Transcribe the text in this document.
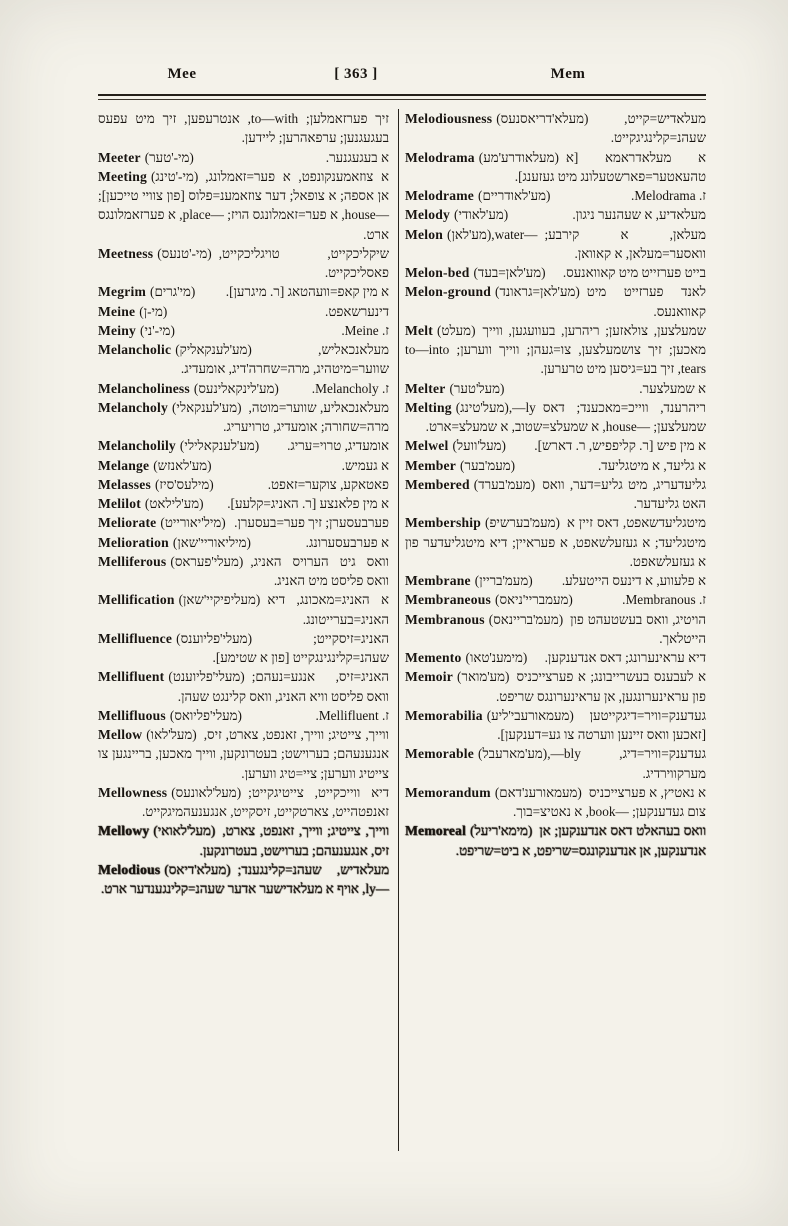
Mee	[ 363 ]	Mem
זיך פערזאמלען; to—with, אנטרעפען, זיך מיט עפעס בעגעגנען; ערפאהרען; ליידען.
Meeter (מי-'טער)	א בעגעגנער.
Meeting (מי-'טינג) א צוזאמענקונפט, א פער=זאמלונג, אן אספה; א צופאל; דער צוזאמענ=פלוס [פון צוויי טייכען]; —house, א פער=זאמלונגס הויז; —place, א פערזאמלונגס ארט.
Meetness (מי-'טנעס) שיקליכקייט, טויגליכקייט, פאסליכקייט.
Megrim (מי'גרים) א מין קאפ=וועהטאג [ר. מיגרען].
Meine (מי-ן)	דינערשאפט.
Meiny (מי-'ני)	ז. Meine.
Melancholic (מע'לענקאליק)	מעלאנכאליש, שווער=מיטהיג, מרה=שחרה'דיג, אומעדיג.
Melancholiness (מע'לינקאלינעס) ז. Melancholy.
Melancholy (מע'לענקאלי) מעלאנכאליע, שווער=מוטה, מרה=שחורה; אומעדיג, טרויעריג.
Melancholily (מע'לענקאלילי) אומעדיג, טרוי=עריג.
Melange (מע'לאנזש)	א געמיש.
Melasses (מילעס'סיז)	פאטאקע, צוקער=זאפט.
Melilot (מע'לילאט) א מין פלאנצע [ר. האניג=קלעע].
Meliorate (מיל'יאורייט) פערבעסערן; זיך פער=בעסערן.
Melioration (מיליאוריי'שאן)	א פערבעסערונג.
Melliferous (מעלי'פעראס) וואס גיט הערויס האניג, וואס פליסט מיט האניג.
Mellification (מעליפיקיי'שאן) א האניג=מאכונג, דיא האניג=בערייטונג.
Mellifluence (מעלי'פליוענס)	האניג=זיסקייט; שעהנ=קלינגינגקייט [פון א שטימע].
Mellifluent (מעלי'פליוענט) האניג=זיס, אנגע=נעהם; וואס פליסט וויא האניג, וואס קלינגט שעהן.
Mellifluous (מעלי'פליואס)	ז. Mellifluent.
Mellow (מעל'לאו) ווייך, צייטיג; ווייך, זאנפט, צארט, זיס, אנגענעהם; בערוישט; בעטרונקען, ווייך מאכען, בריינגען צו צייטיג ווערען; ציי=טיג ווערען.
Mellowness (מעל'לאונעס) דיא ווייכקייט, צייטיגקייט; זאנפטהייט, צארטקייט, זיסקייט, אנגענעהמיגקייט.
Mellowy (מעל'לאואי) ווייך, צייטיג; ווייך, זאנפט, צארט, זיס, אנגענעהם; בערוישט, בעטרונקען.
Melodious (מעלא'דיאס) מעלאדיש, שעהנ=קלינגענד; —ly, אויף א מעלאדישער אדער שעהנ=קלינגענדער ארט.
Melodiousness (מעלא'דריאסנעס)	מעלאדיש=קייט, שעהנ=קלינגיגקייט.
Melodrama (מעלאודרע'מע) א מעלאדראמא [א טהעאטער=פארשטעלונג מיט געזענג].
Melodrame (מע'לאודריים)	ז. Melodrama.
Melody (מע'לאודי)	מעלאדיע, א שעהנער ניגון.
Melon (מע'לאן),water— מעלאן, א קירבע; וואסער=מעלאן, א קאוואן.
Melon-bed (מע'לאן=בעד) בייט פערזייט מיט קאוואנעס.
Melon-ground (מע'לאן=גראונד) לאנד פערזייט מיט קאוואנעס.
Melt (מעלט) שמעלצען, צולאזען; ריהרען, בעוועגען, ווייך מאכען; זיך צושמעלצען, צו=געהן; ווייך ווערען; to—into tears, זיך בע=גיסען מיט טרערען.
Melter (מעל'טער)	א שמעלצער.
Melting (מעל'טינג),—ly ריהרענד, ווייכ=מאכענד; דאס שמעלצען; —house, א שמעלצ=שטוב, א שמעלצ=ארט.
Melwel (מעל'וועל) א מין פיש [ר. קליפפיש, ר. דארש].
Member (מעמ'בער)	א גליעד, א מיטגליעד.
Membered (מעמ'בערד) גליעדעריג, מיט גליע=דער, וואס האט גליעדער.
Membership (מעמ'בערשיפ) מיטגליעדשאפט, דאס זיין א מיטגליעד; א געזעלשאפט, א פעראיין; דיא מיטגליעדער פון א געזעלשאפט.
Membrane (מעמ'בריין) א פלעווע, א דינעס הייטעלע.
Membraneous (מעמבריי'ניאס)	ז. Membranous.
Membranous (מעמ'בריינאס) הויטיג, וואס בעשטעהט פון הייטלאך.
Memento (מימענ'טאו) דיא עראינערונג; דאס אנדענקען.
Memoir (מע'מואר) א לעבענס בעשרייבונג; א פערצייכניס פון עראינערונגען, אן עראינערונגס שריפט.
Memorabilia (מעמאורעבי'ליע) געדענק=וויר=דיגקייטען [זאכען וואס זיינען ווערטה צו גע=דענקען].
Memorable (מע'מארעבל),—bly	געדענק=וויר=דיג, מערקווירדיג.
Memorandum (מעמאורענ'דאם) א נאטיץ, א פערצייכניס צום געדענקען; —book, א נאטיצ=בוך.
Memoreal (מימא'ריעל) וואס בעהאלט דאס אנדענקען; אן אנדענקען, אן אנדענקונגס=שריפט, א ביט=שריפט.
